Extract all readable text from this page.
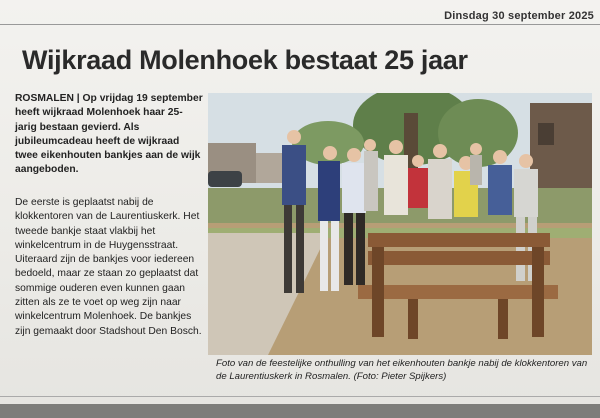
Dinsdag 30 september 2025
Wijkraad Molenhoek bestaat 25 jaar

ROSMALEN | Op vrijdag 19 september heeft wijkraad Molenhoek haar 25-jarig bestaan gevierd. Als jubileumcadeau heeft de wijkraad twee eikenhouten bankjes aan de wijk aangeboden.

De eerste is geplaatst nabij de klokkentoren van de Laurentiuskerk. Het tweede bankje staat vlakbij het winkelcentrum in de Huygensstraat. Uiteraard zijn de bankjes voor iedereen bedoeld, maar ze staan zo geplaatst dat sommige ouderen even kunnen gaan zitten als ze te voet op weg zijn naar winkelcentrum Molenhoek. De bankjes zijn gemaakt door Stadshout Den Bosch.

Foto van de feestelijke onthulling van het eikenhouten bankje nabij de klokkentoren van de Laurentiuskerk in Rosmalen. (Foto: Pieter Spijkers)
